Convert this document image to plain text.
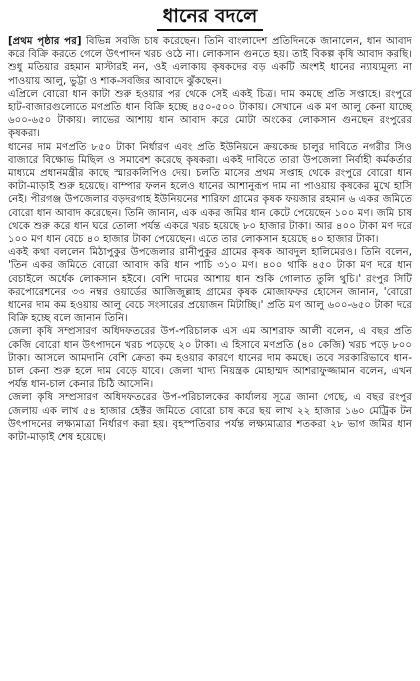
ধানের বদলে

[প্রথম পৃষ্ঠার পর] বিভিন্ন সবজি চাষ করেছেন। তিনি বাংলাদেশ প্রতিদিনকে জানালেন, ধান আবাদ করে বিক্রি করতে গেলে উৎপাদন খরচ ওঠে না। লোকসান গুনতে হয়। তাই বিকল্প কৃষি আবাদ করছি। শুধু মতিয়ার রহমান মাস্টারই নন, ওই এলাকায় কৃষকদের বড় একটি অংশই ধানের ন্যায্যমূল্য না পাওয়ায় আলু, ভুট্টা ও শাক-সবজির আবাদে ঝুঁকছেন।

এপ্রিলে বোরো ধান কাটা শুরু হওয়ার পর থেকে সেই একই চিত্র। দাম কমছে প্রতি সপ্তাহে। রংপুরে হাট-বাজারগুলোতে মণপ্রতি ধান বিক্রি হচ্ছে ৪৫০-৫০০ টাকায়। সেখানে এক মণ আলু কেনা যাচ্ছে ৬০০-৬৫০ টাকায়। লাভের আশায় ধান আবাদ করে মোটা অংকের লোকসান গুনছেন রংপুরের কৃষকরা।

ধানের দাম মণপ্রতি ৮৫০ টাকা নির্ধারণ এবং প্রতি ইউনিয়নে ক্রয়কেন্দ্র চালুর দাবিতে নগরীর সিও বাজারে বিক্ষোভ মিছিল ও সমাবেশ করেছে কৃষকরা। একই দাবিতে তারা উপজেলা নির্বাহী কর্মকর্তার মাধ্যমে প্রধানমন্ত্রীর কাছে স্মারকলিপিও দেয়। চলতি মাসের প্রথম সপ্তাহ থেকে রংপুরে বোরো ধান কাটা-মাড়াই শুরু হয়েছে। বাম্পার ফলন হলেও ধানের আশানুরূপ দাম না পাওয়ায় কৃষকের মুখে হাসি নেই। পীরগঞ্জ উপজেলার বড়দরগাহ ইউনিয়নের শারিফা গ্রামের কৃষক ফয়জার রহমান ৬ একর জমিতে বোরো ধান আবাদ করেছেন। তিনি জানান, এক একর জমির ধান কেটে পেয়েছেন ১০০ মণ। জমি চাষ থেকে শুরু করে ধান ঘরে তোলা পর্যন্ত একরে খরচ হয়েছে ৮০ হাজার টাকা। আর ৪০০ টাকা মণ দরে ১০০ মণ ধান বেচে ৪০ হাজার টাকা পেয়েছেন। এতে তার লোকসান হয়েছে ৪০ হাজার টাকা।

একই কথা বললেন মিঠাপুকুর উপজেলার রানীপুকুর গ্রামের কৃষক আবদুল হালিমেরও। তিনি বলেন, 'তিন একর জমিতে বোরো আবাদ করি ধান পাচি ৩১০ মণ। ৪০০ থাকি ৪৫০ টাকা মণ দরে ধান বেচাইলে অর্ধেক লোকসান হইবে। বেশি দামের আশায় ধান শুকি গোলাত তুলি থুচি।' রংপুর সিটি করপোরেশনের ৩৩ নম্বর ওয়ার্ডের আজিজুল্লাহ গ্রামের কৃষক মোজাফফর হোসেন জানান, 'বোরো ধানের দাম কম হওয়ায় আলু বেচে সংসারের প্রয়োজন মিটাচ্ছি।' প্রতি মণ আলু ৬০০-৬৫০ টাকা দরে বিক্রি হচ্ছে বলে জানান তিনি।

জেলা কৃষি সম্প্রসারণ অধিদফতরের উপ-পরিচালক এস এম আশরাফ আলী বলেন, এ বছর প্রতি কেজি বোরো ধান উৎপাদনে খরচ পড়েছে ২০ টাকা। এ হিসাবে মণপ্রতি (৪০ কেজি) খরচ পড়ে ৮০০ টাকা। আসলে আমদানি বেশি ক্রেতা কম হওয়ার কারণে ধানের দাম কমছে। তবে সরকারিভাবে ধান-চাল কেনা শুরু হলে দাম বেড়ে যাবে। জেলা খাদ্য নিয়ন্ত্রক মোহাম্মদ আশরাফুজ্জামান বলেন, এখন পর্যন্ত ধান-চাল কেনার চিঠি আসেনি।

জেলা কৃষি সম্প্রসারণ অধিদফতরের উপ-পরিচালকের কার্যালয় সূত্রে জানা গেছে, এ বছর রংপুর জেলায় এক লাখ ৫৪ হাজার হেক্টর জমিতে বোরো চাষ করে ছয় লাখ ২২ হাজার ১৬০ মেট্রিক টন উৎপাদনের লক্ষ্যমাত্রা নির্ধারণ করা হয়। বৃহস্পতিবার পর্যন্ত লক্ষ্যমাত্রার শতকরা ২৮ ভাগ জমির ধান কাটা-মাড়াই শেষ হয়েছে।
